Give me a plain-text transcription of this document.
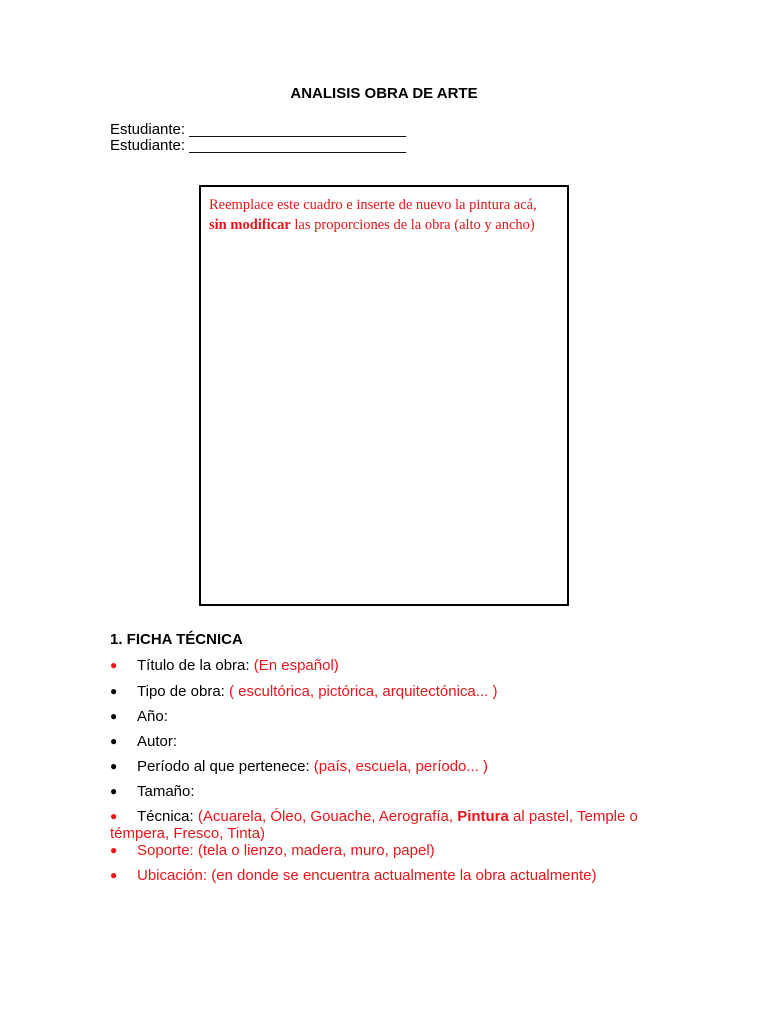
ANALISIS OBRA DE ARTE
Estudiante: __________________________
Estudiante: __________________________
Reemplace este cuadro e inserte de nuevo la pintura acá,
sin modificar las proporciones de la obra (alto y ancho)
1. FICHA TÉCNICA
●	Título de la obra: (En español)
●	Tipo de obra: ( escultórica, pictórica, arquitectónica... )
●	Año:
●	Autor:
●	Período al que pertenece: (país, escuela, período... )
●	Tamaño:
●	Técnica: (Acuarela, Óleo, Gouache, Aerografía, Pintura al pastel, Temple o témpera, Fresco, Tinta)
●	Soporte: (tela o lienzo, madera, muro, papel)
●	Ubicación: (en donde se encuentra actualmente la obra actualmente)
